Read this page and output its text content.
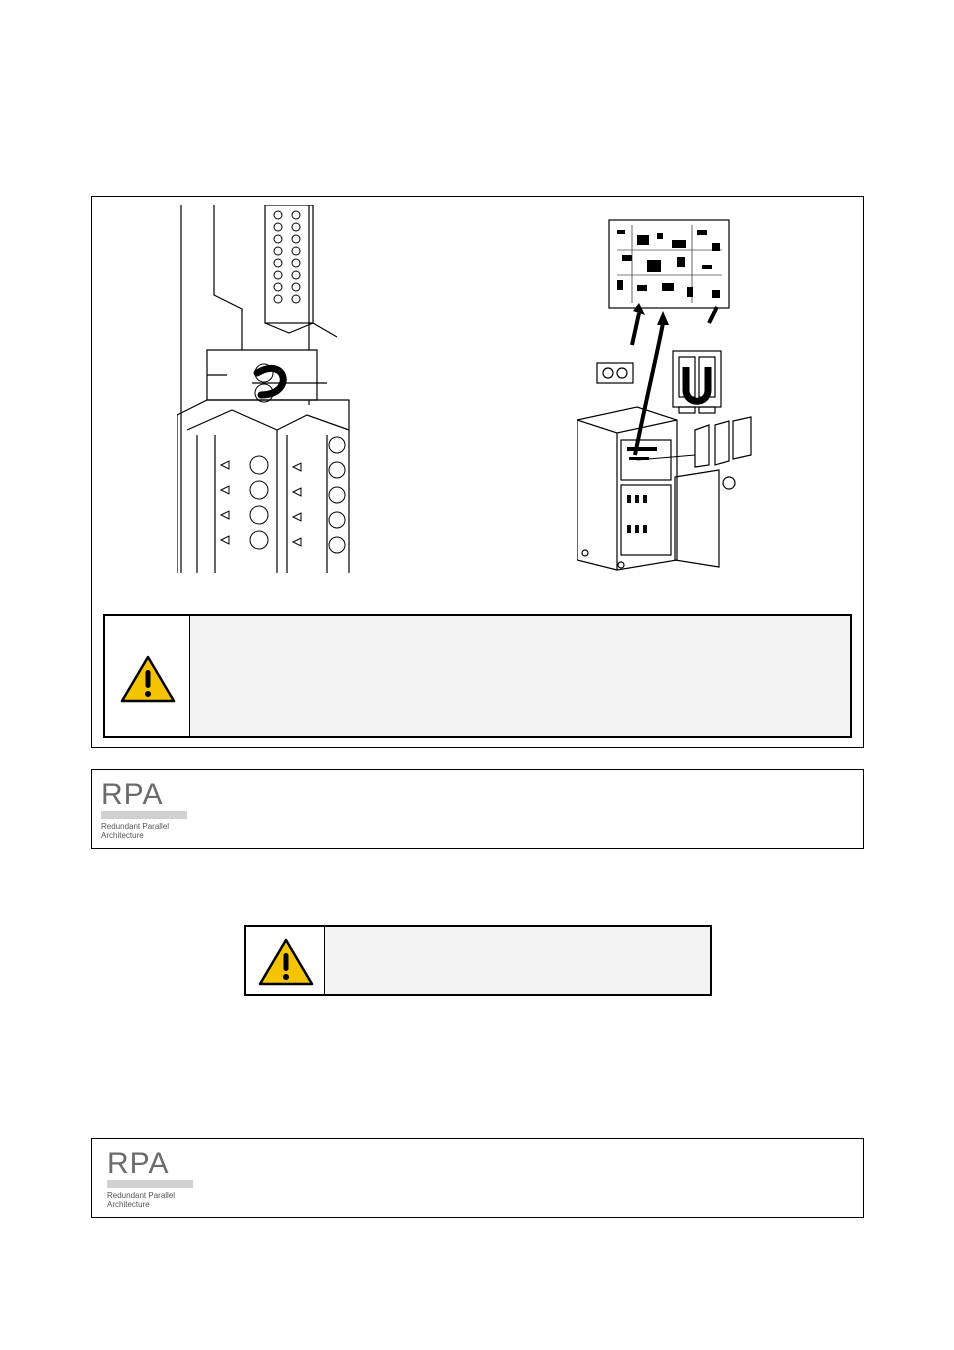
RPA
Redundant Parallel
Architecture
RPA
Redundant Parallel
Architecture
